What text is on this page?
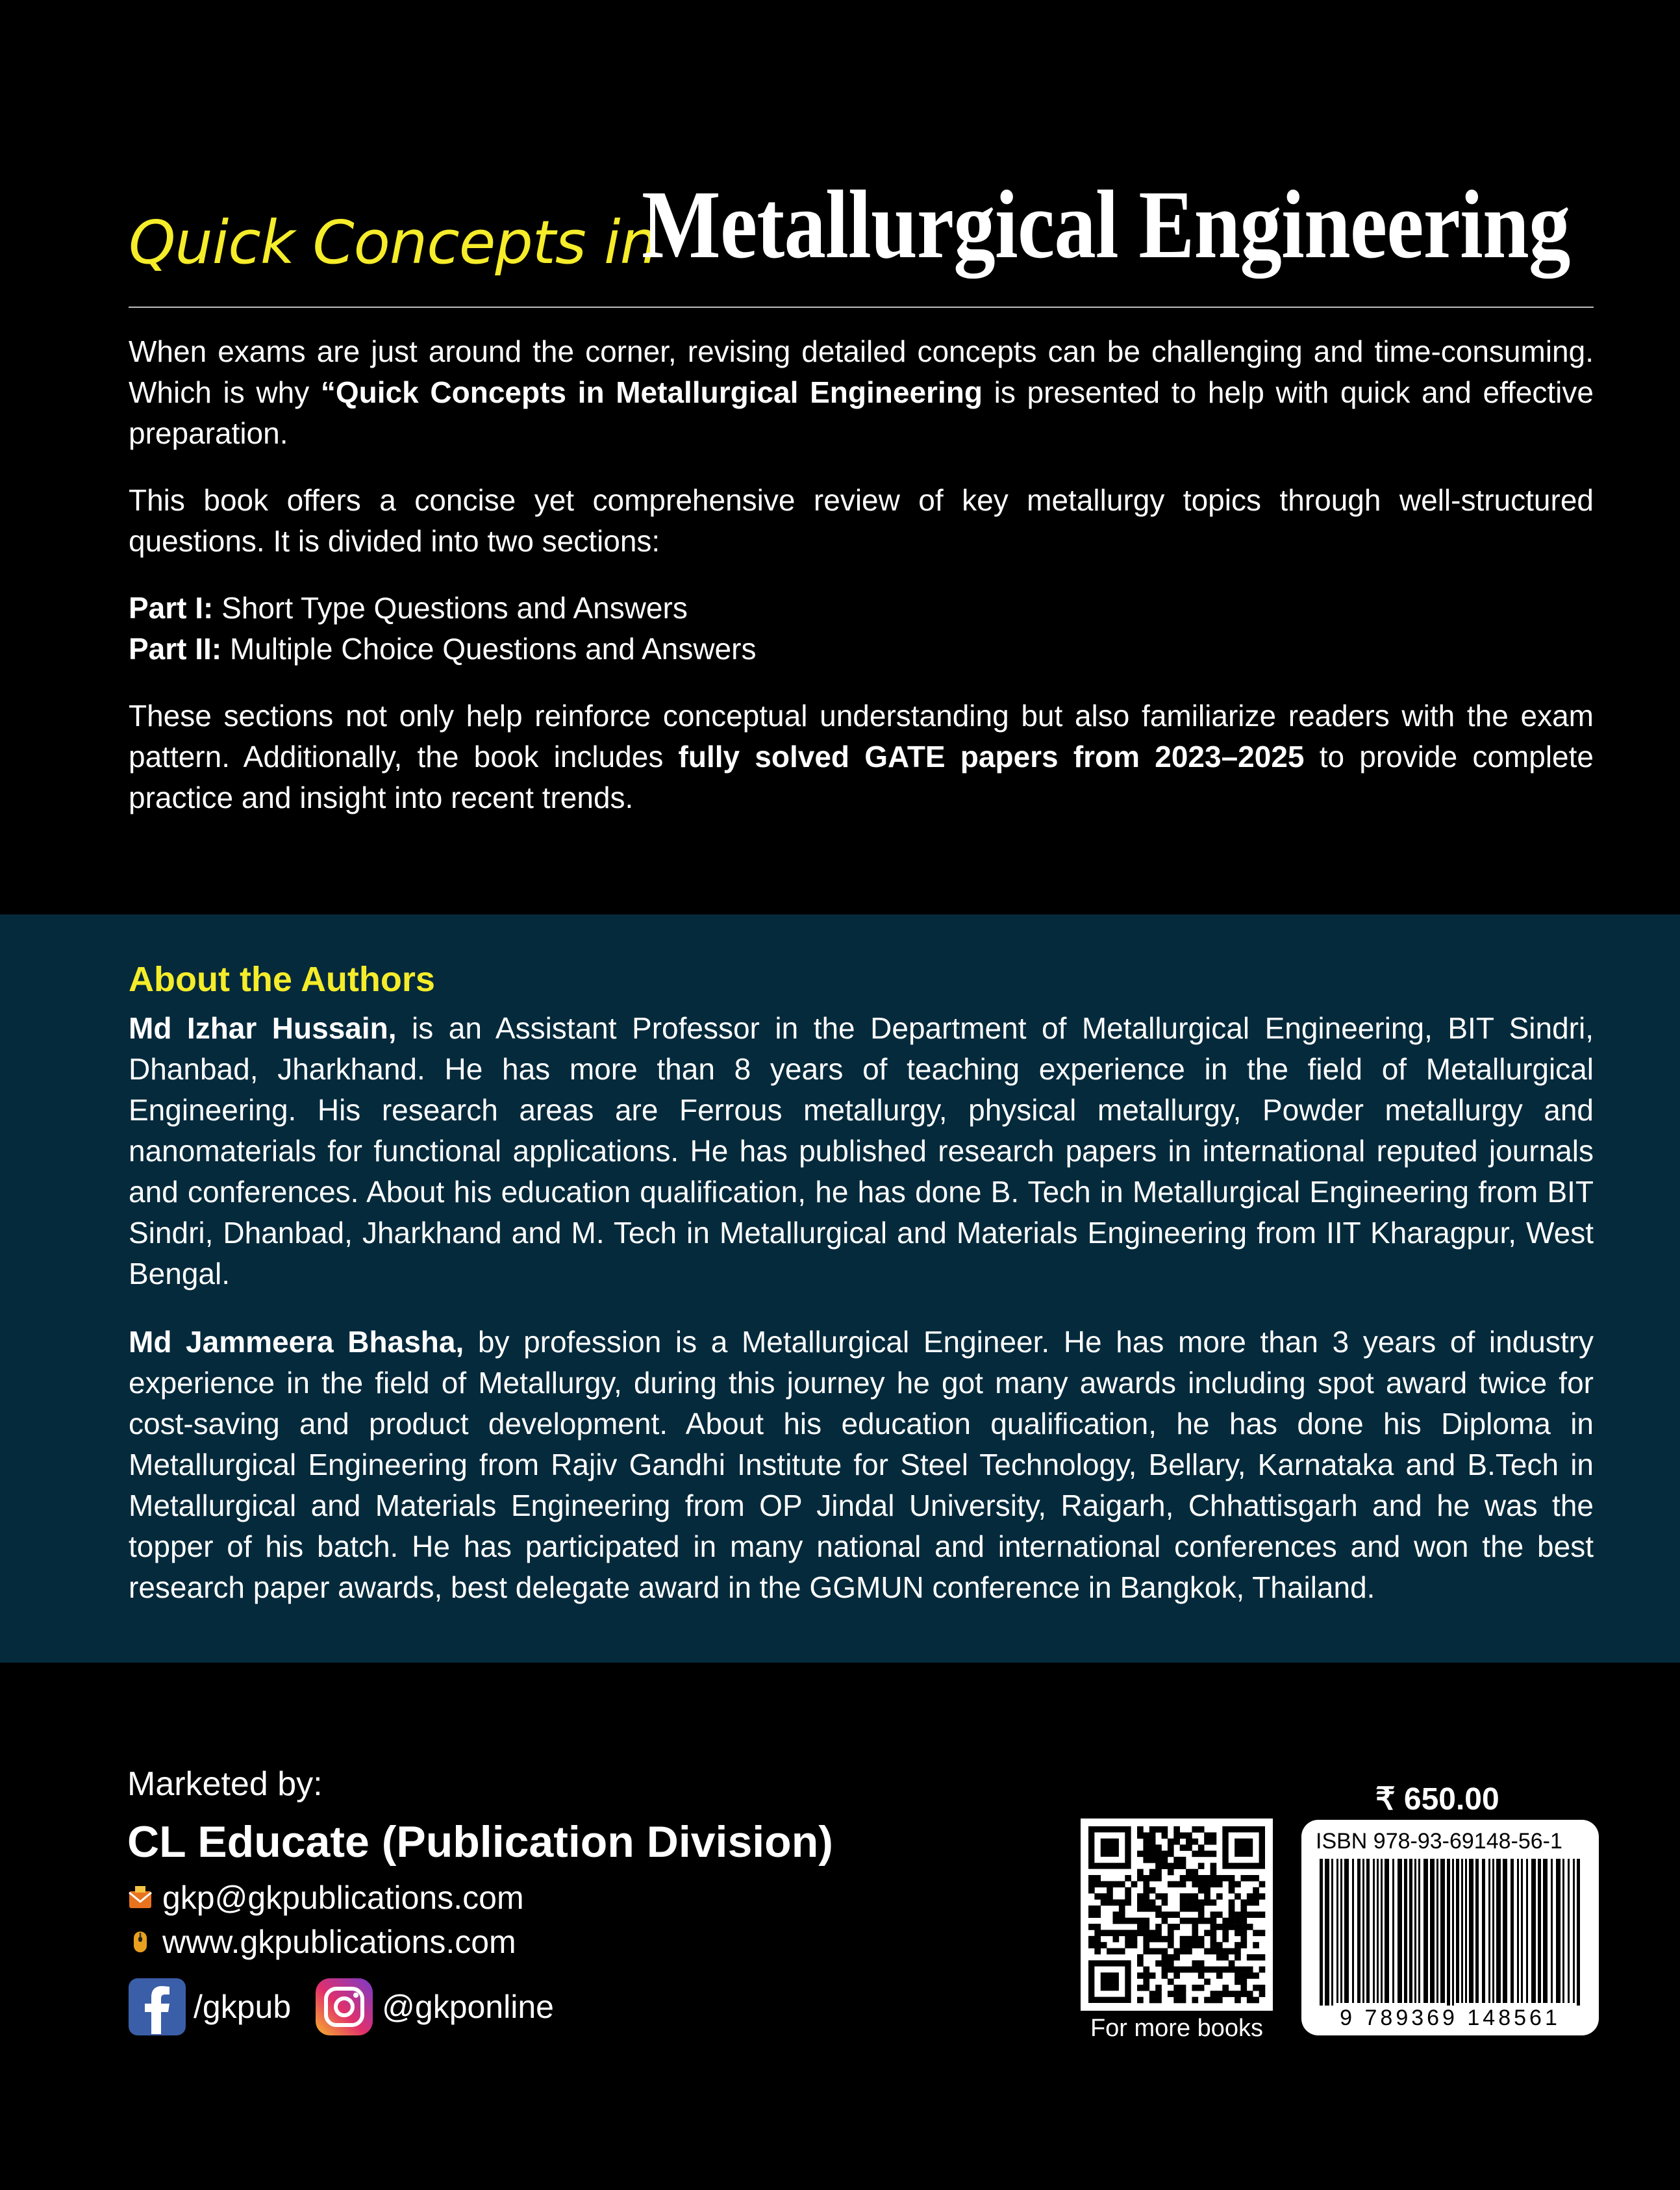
Quick Concepts in
Metallurgical Engineering

When exams are just around the corner, revising detailed concepts can be challenging and time-consuming. Which is why “Quick Concepts in Metallurgical Engineering is presented to help with quick and effective preparation.

This book offers a concise yet comprehensive review of key metallurgy topics through well-structured questions. It is divided into two sections:

Part I: Short Type Questions and Answers
Part II: Multiple Choice Questions and Answers

These sections not only help reinforce conceptual understanding but also familiarize readers with the exam pattern. Additionally, the book includes fully solved GATE papers from 2023–2025 to provide complete practice and insight into recent trends.

About the Authors

Md Izhar Hussain, is an Assistant Professor in the Department of Metallurgical Engineering, BIT Sindri, Dhanbad, Jharkhand. He has more than 8 years of teaching experience in the field of Metallurgical Engineering. His research areas are Ferrous metallurgy, physical metallurgy, Powder metallurgy and nanomaterials for functional applications. He has published research papers in international reputed journals and conferences. About his education qualification, he has done B. Tech in Metallurgical Engineering from BIT Sindri, Dhanbad, Jharkhand and M. Tech in Metallurgical and Materials Engineering from IIT Kharagpur, West Bengal.

Md Jammeera Bhasha, by profession is a Metallurgical Engineer. He has more than 3 years of industry experience in the field of Metallurgy, during this journey he got many awards including spot award twice for cost-saving and product development. About his education qualification, he has done his Diploma in Metallurgical Engineering from Rajiv Gandhi Institute for Steel Technology, Bellary, Karnataka and B.Tech in Metallurgical and Materials Engineering from OP Jindal University, Raigarh, Chhattisgarh and he was the topper of his batch. He has participated in many national and international conferences and won the best research paper awards, best delegate award in the GGMUN conference in Bangkok, Thailand.

Marketed by:
CL Educate (Publication Division)
gkp@gkpublications.com
www.gkpublications.com
/gkpub	@gkponline
For more books
₹ 650.00
ISBN 978-93-69148-56-1
9 789369 148561
